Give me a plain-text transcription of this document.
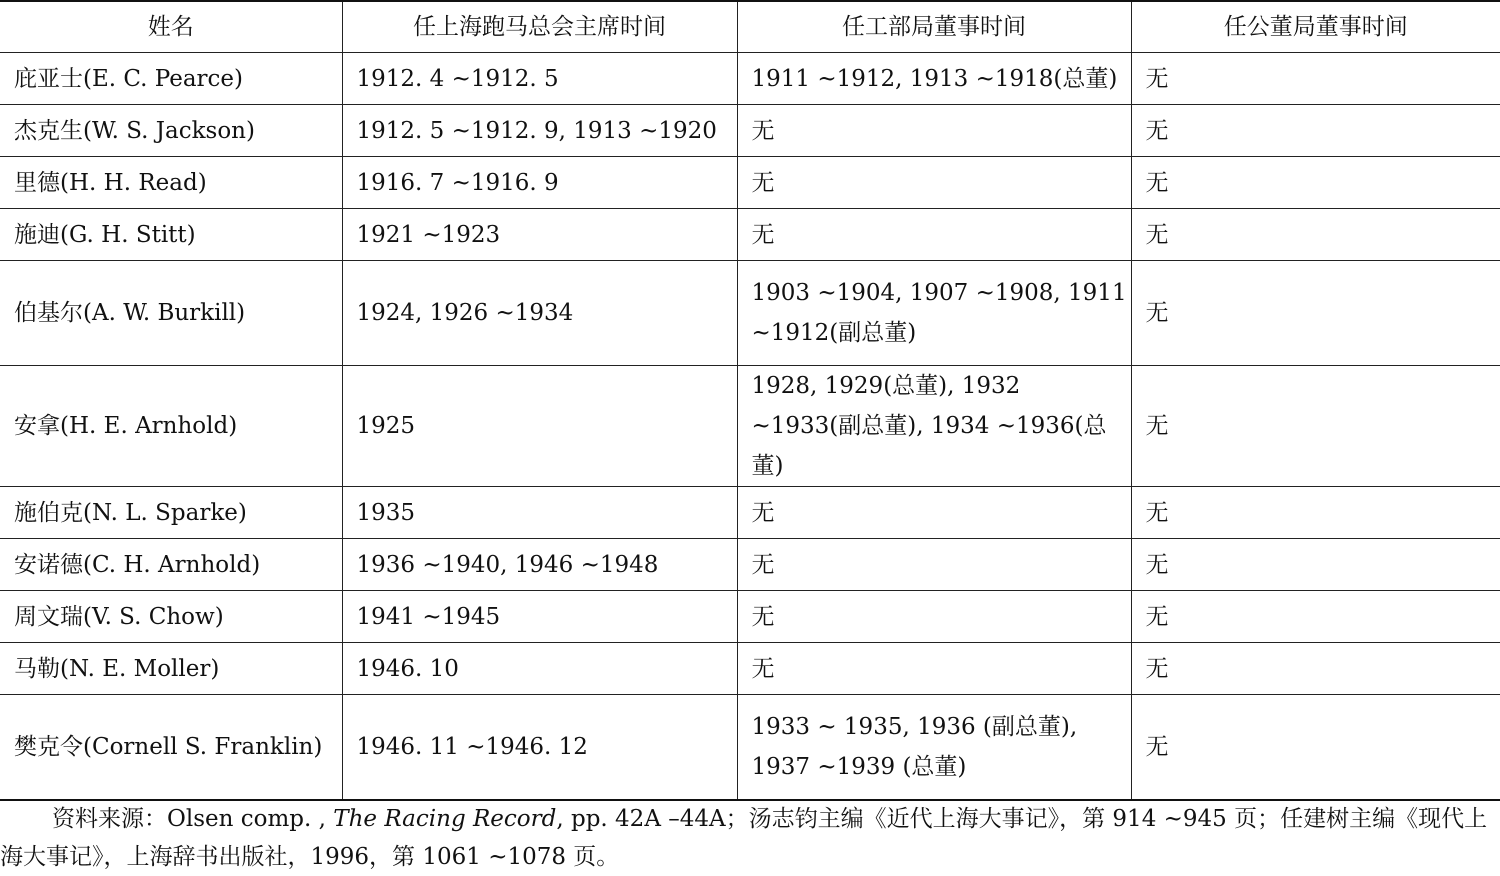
姓名	任上海跑马总会主席时间	任工部局董事时间	任公董局董事时间
庇亚士(E. C. Pearce)	1912. 4 ~1912. 5	1911 ~1912, 1913 ~1918(总董)	无
杰克生(W. S. Jackson)	1912. 5 ~1912. 9, 1913 ~1920	无	无
里德(H. H. Read)	1916. 7 ~1916. 9	无	无
施迪(G. H. Stitt)	1921 ~1923	无	无
伯基尔(A. W. Burkill)	1924, 1926 ~1934	1903 ~1904, 1907 ~1908, 1911 ~1912(副总董)	无
安拿(H. E. Arnhold)	1925	1928, 1929(总董), 1932 ~1933(副总董), 1934 ~1936(总董)	无
施伯克(N. L. Sparke)	1935	无	无
安诺德(C. H. Arnhold)	1936 ~1940, 1946 ~1948	无	无
周文瑞(V. S. Chow)	1941 ~1945	无	无
马勒(N. E. Moller)	1946. 10	无	无
樊克令(Cornell S. Franklin)	1946. 11 ~1946. 12	1933 ~ 1935, 1936 (副总董), 1937 ~1939 (总董)	无

资料来源：Olsen comp. , The Racing Record, pp. 42A –44A；汤志钧主编《近代上海大事记》，第 914 ~945 页；任建树主编《现代上海大事记》，上海辞书出版社，1996，第 1061 ~1078 页。
